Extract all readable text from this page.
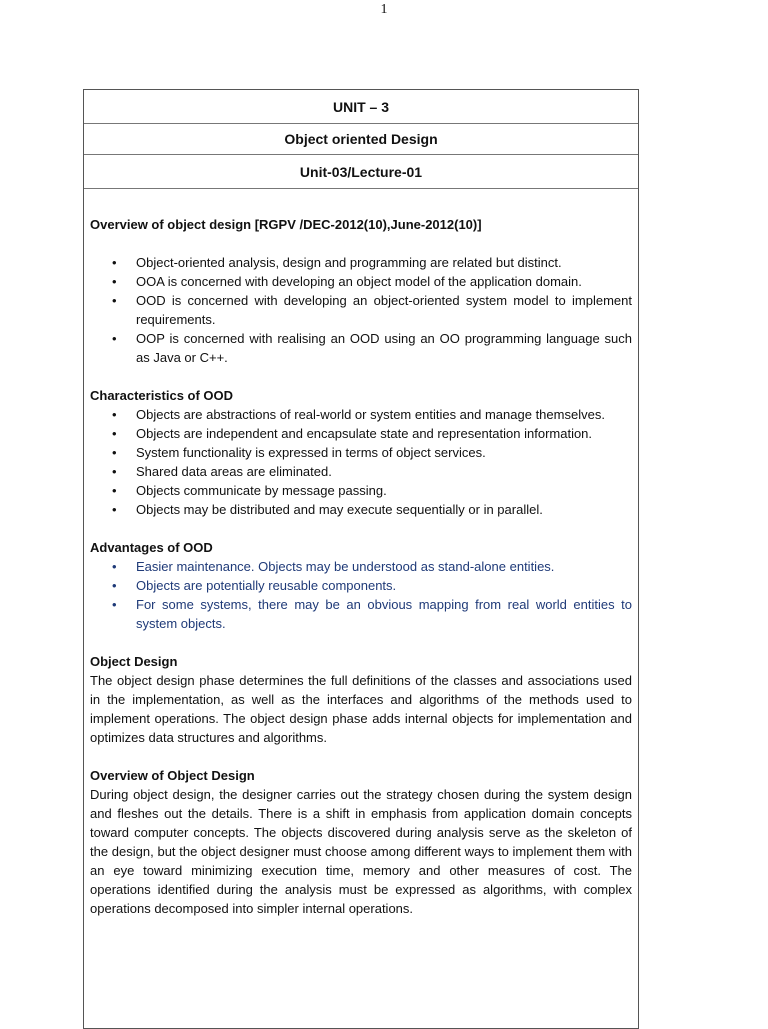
1
UNIT – 3
Object oriented Design
Unit-03/Lecture-01

Overview of object design [RGPV /DEC-2012(10),June-2012(10)]

• Object-oriented analysis, design and programming are related but distinct.
• OOA is concerned with developing an object model of the application domain.
• OOD is concerned with developing an object-oriented system model to implement requirements.
• OOP is concerned with realising an OOD using an OO programming language such as Java or C++.

Characteristics of OOD

• Objects are abstractions of real-world or system entities and manage themselves.
• Objects are independent and encapsulate state and representation information.
• System functionality is expressed in terms of object services.
• Shared data areas are eliminated.
• Objects communicate by message passing.
• Objects may be distributed and may execute sequentially or in parallel.

Advantages of OOD

• Easier maintenance. Objects may be understood as stand-alone entities.
• Objects are potentially reusable components.
• For some systems, there may be an obvious mapping from real world entities to system objects.

Object Design

The object design phase determines the full definitions of the classes and associations used in the implementation, as well as the interfaces and algorithms of the methods used to implement operations. The object design phase adds internal objects for implementation and optimizes data structures and algorithms.

Overview of Object Design

During object design, the designer carries out the strategy chosen during the system design and fleshes out the details. There is a shift in emphasis from application domain concepts toward computer concepts. The objects discovered during analysis serve as the skeleton of the design, but the object designer must choose among different ways to implement them with an eye toward minimizing execution time, memory and other measures of cost. The operations identified during the analysis must be expressed as algorithms, with complex operations decomposed into simpler internal operations.
